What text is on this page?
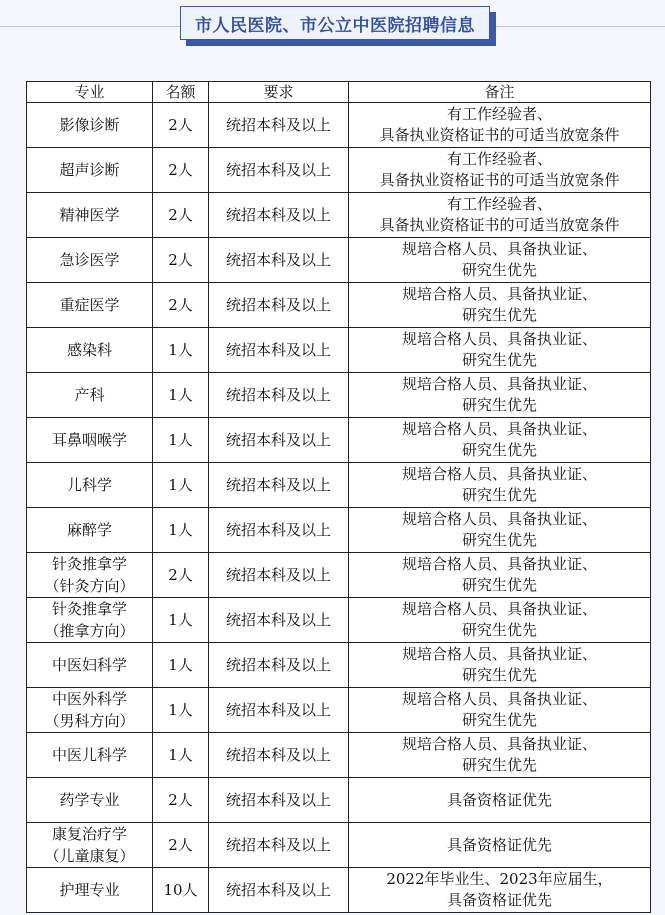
市人民医院、市公立中医院招聘信息
专业	名额	要求	备注

影像诊断	2人	统招本科及以上	有工作经验者、
具备执业资格证书的可适当放宽条件

超声诊断	2人	统招本科及以上	有工作经验者、
具备执业资格证书的可适当放宽条件

精神医学	2人	统招本科及以上	有工作经验者、
具备执业资格证书的可适当放宽条件

急诊医学	2人	统招本科及以上	规培合格人员、具备执业证、
研究生优先

重症医学	2人	统招本科及以上	规培合格人员、具备执业证、
研究生优先

感染科	1人	统招本科及以上	规培合格人员、具备执业证、
研究生优先

产科	1人	统招本科及以上	规培合格人员、具备执业证、
研究生优先

耳鼻咽喉学	1人	统招本科及以上	规培合格人员、具备执业证、
研究生优先

儿科学	1人	统招本科及以上	规培合格人员、具备执业证、
研究生优先

麻醉学	1人	统招本科及以上	规培合格人员、具备执业证、
研究生优先

针灸推拿学
（针灸方向）	2人	统招本科及以上	规培合格人员、具备执业证、
研究生优先

针灸推拿学
（推拿方向）	1人	统招本科及以上	规培合格人员、具备执业证、
研究生优先

中医妇科学	1人	统招本科及以上	规培合格人员、具备执业证、
研究生优先

中医外科学
（男科方向）	1人	统招本科及以上	规培合格人员、具备执业证、
研究生优先

中医儿科学	1人	统招本科及以上	规培合格人员、具备执业证、
研究生优先

药学专业	2人	统招本科及以上	具备资格证优先

康复治疗学
（儿童康复）	2人	统招本科及以上	具备资格证优先

护理专业	10人	统招本科及以上	2022年毕业生、2023年应届生，
具备资格证优先
